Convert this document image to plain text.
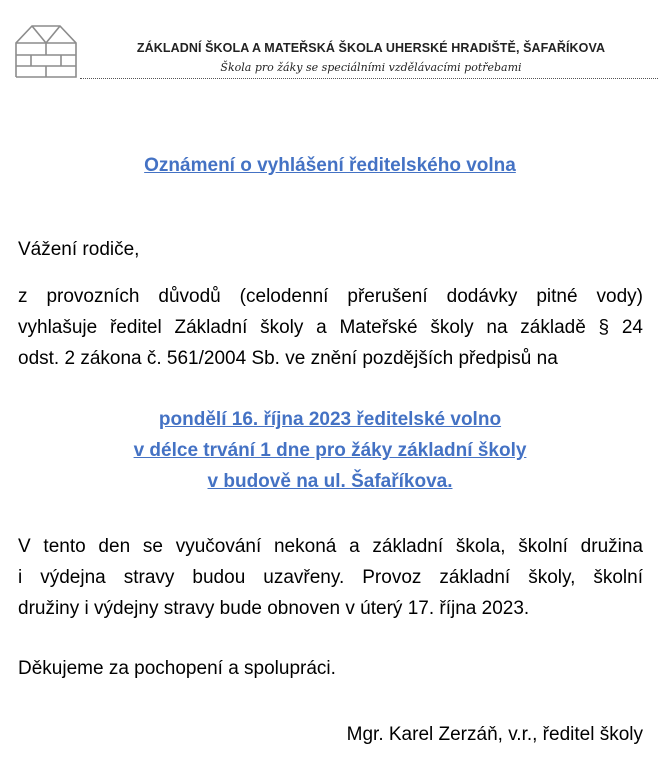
ZÁKLADNÍ ŠKOLA A MATEŘSKÁ ŠKOLA UHERSKÉ HRADIŠTĚ, ŠAFAŘÍKOVA
Škola pro žáky se speciálními vzdělávacími potřebami
Oznámení o vyhlášení ředitelského volna
Vážení rodiče,
z provozních důvodů (celodenní přerušení dodávky pitné vody)
vyhlašuje ředitel Základní školy a Mateřské školy na základě § 24
odst. 2 zákona č. 561/2004 Sb. ve znění pozdějších předpisů na
pondělí 16. října 2023 ředitelské volno
v délce trvání 1 dne pro žáky základní školy
v budově na ul. Šafaříkova.
V tento den se vyučování nekoná a základní škola, školní družina
i výdejna stravy budou uzavřeny. Provoz základní školy, školní
družiny i výdejny stravy bude obnoven v úterý 17. října 2023.
Děkujeme za pochopení a spolupráci.
Mgr. Karel Zerzáň, v.r., ředitel školy
